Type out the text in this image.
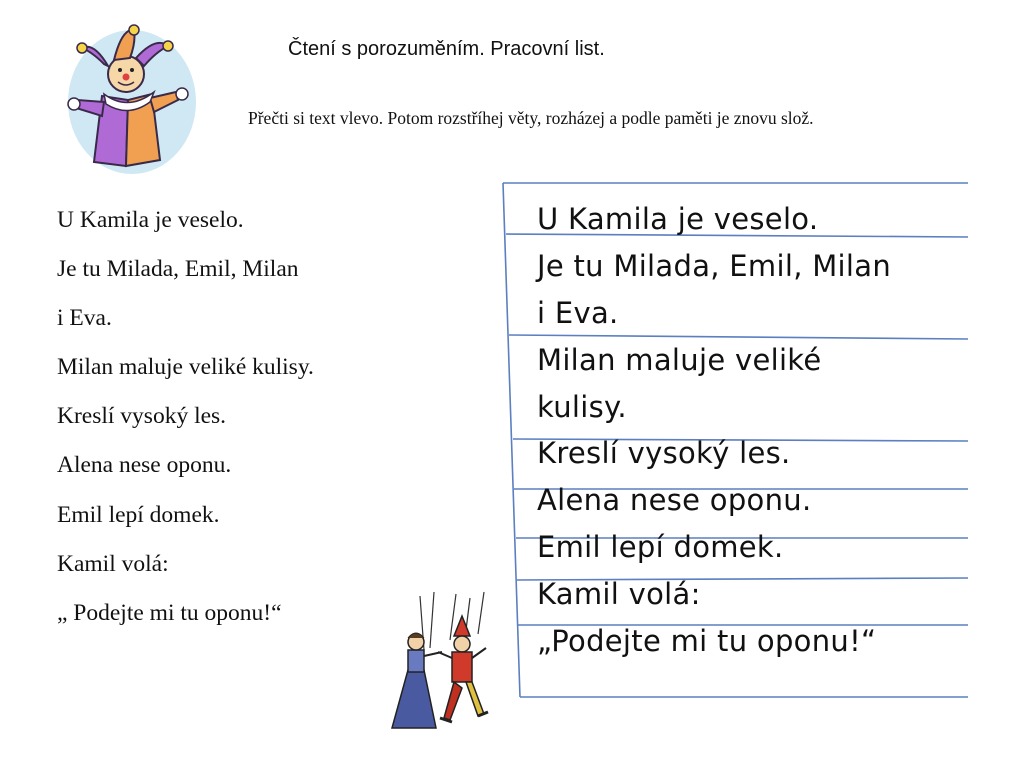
Čtení s porozuměním. Pracovní list.
Přečti si text vlevo. Potom rozstříhej věty, rozházej a podle paměti je znovu slož.
U Kamila je veselo.
Je tu Milada, Emil, Milan
i Eva.
Milan maluje veliké kulisy.
Kreslí vysoký les.
Alena nese oponu.
Emil lepí domek.
Kamil volá:
„ Podejte mi tu oponu!“
U Kamila je veselo.
Je tu Milada, Emil, Milan
i Eva.
Milan maluje veliké
kulisy.
Kreslí vysoký les.
Alena nese oponu.
Emil lepí domek.
Kamil volá:
„Podejte mi tu oponu!“
